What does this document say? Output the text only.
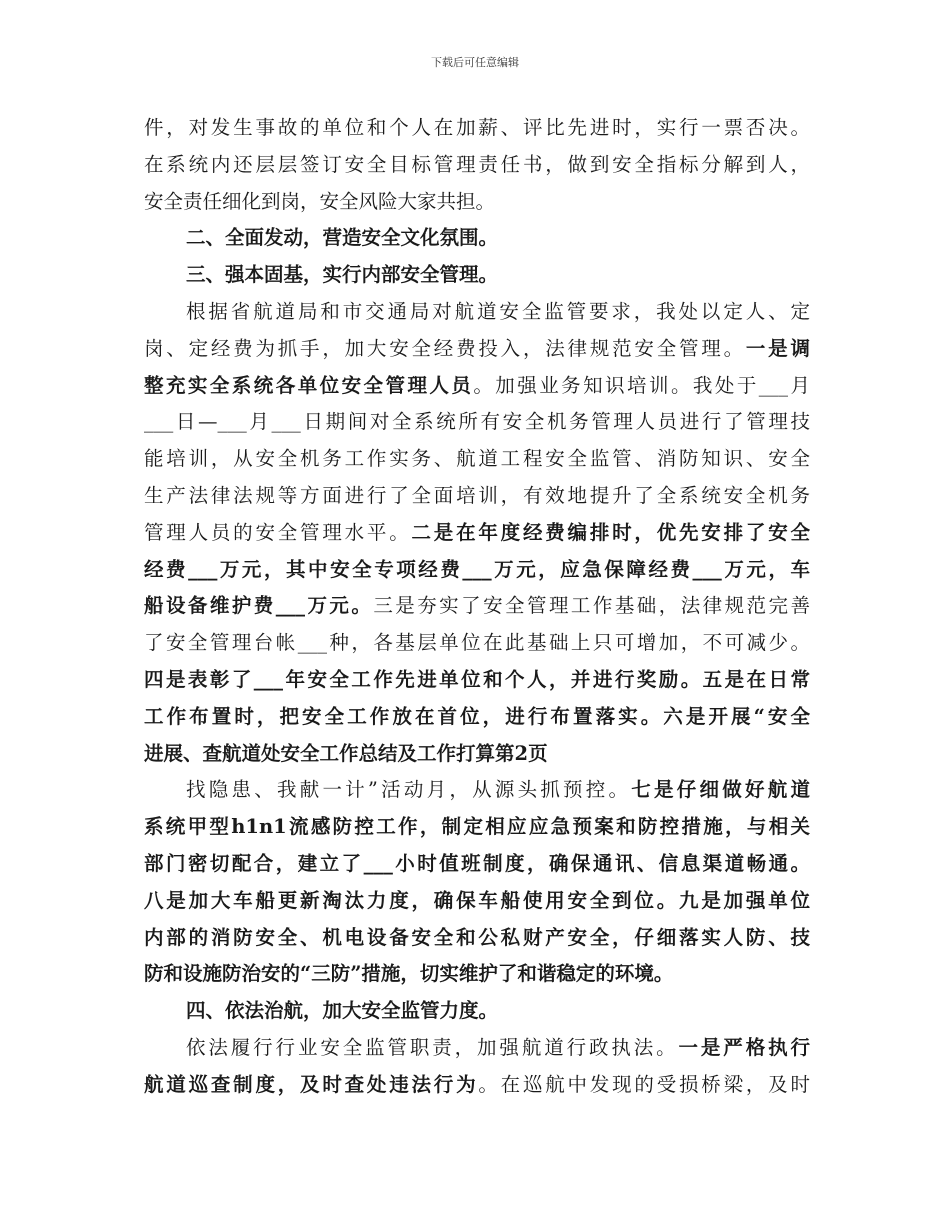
下载后可任意编辑
件，对发生事故的单位和个人在加薪、评比先进时，实行一票否决。
在系统内还层层签订安全目标管理责任书，做到安全指标分解到人，
安全责任细化到岗，安全风险大家共担。
二、全面发动，营造安全文化氛围。
三、强本固基，实行内部安全管理。
根据省航道局和市交通局对航道安全监管要求，我处以定人、定
岗、定经费为抓手，加大安全经费投入，法律规范安全管理。一是调
整充实全系统各单位安全管理人员。加强业务知识培训。我处于___月
___日—___月___日期间对全系统所有安全机务管理人员进行了管理技
能培训，从安全机务工作实务、航道工程安全监管、消防知识、安全
生产法律法规等方面进行了全面培训，有效地提升了全系统安全机务
管理人员的安全管理水平。二是在年度经费编排时，优先安排了安全
经费___万元，其中安全专项经费___万元，应急保障经费___万元，车
船设备维护费___万元。三是夯实了安全管理工作基础，法律规范完善
了安全管理台帐___种，各基层单位在此基础上只可增加，不可减少。
四是表彰了___年安全工作先进单位和个人，并进行奖励。五是在日常
工作布置时，把安全工作放在首位，进行布置落实。六是开展“安全
进展、查航道处安全工作总结及工作打算第2页
找隐患、我献一计”活动月，从源头抓预控。七是仔细做好航道
系统甲型h1n1流感防控工作，制定相应应急预案和防控措施，与相关
部门密切配合，建立了___小时值班制度，确保通讯、信息渠道畅通。
八是加大车船更新淘汰力度，确保车船使用安全到位。九是加强单位
内部的消防安全、机电设备安全和公私财产安全，仔细落实人防、技
防和设施防治安的“三防”措施，切实维护了和谐稳定的环境。
四、依法治航，加大安全监管力度。
依法履行行业安全监管职责，加强航道行政执法。一是严格执行
航道巡查制度，及时查处违法行为。在巡航中发现的受损桥梁，及时
